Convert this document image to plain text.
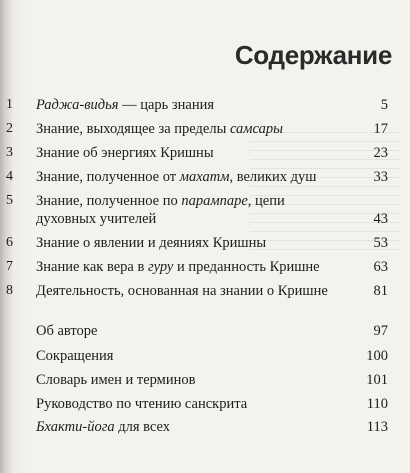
Содержание
1	Раджа-видья — царь знания	5
2	Знание, выходящее за пределы самсары	17
3	Знание об энергиях Кришны	23
4	Знание, полученное от махатм, великих душ	33
5	Знание, полученное по парампаре, цепи
духовных учителей	43
6	Знание о явлении и деяниях Кришны	53
7	Знание как вера в гуру и преданность Кришне	63
8	Деятельность, основанная на знании о Кришне	81
Об авторе	97
Сокращения	100
Словарь имен и терминов	101
Руководство по чтению санскрита	110
Бхакти-йога для всех	113
